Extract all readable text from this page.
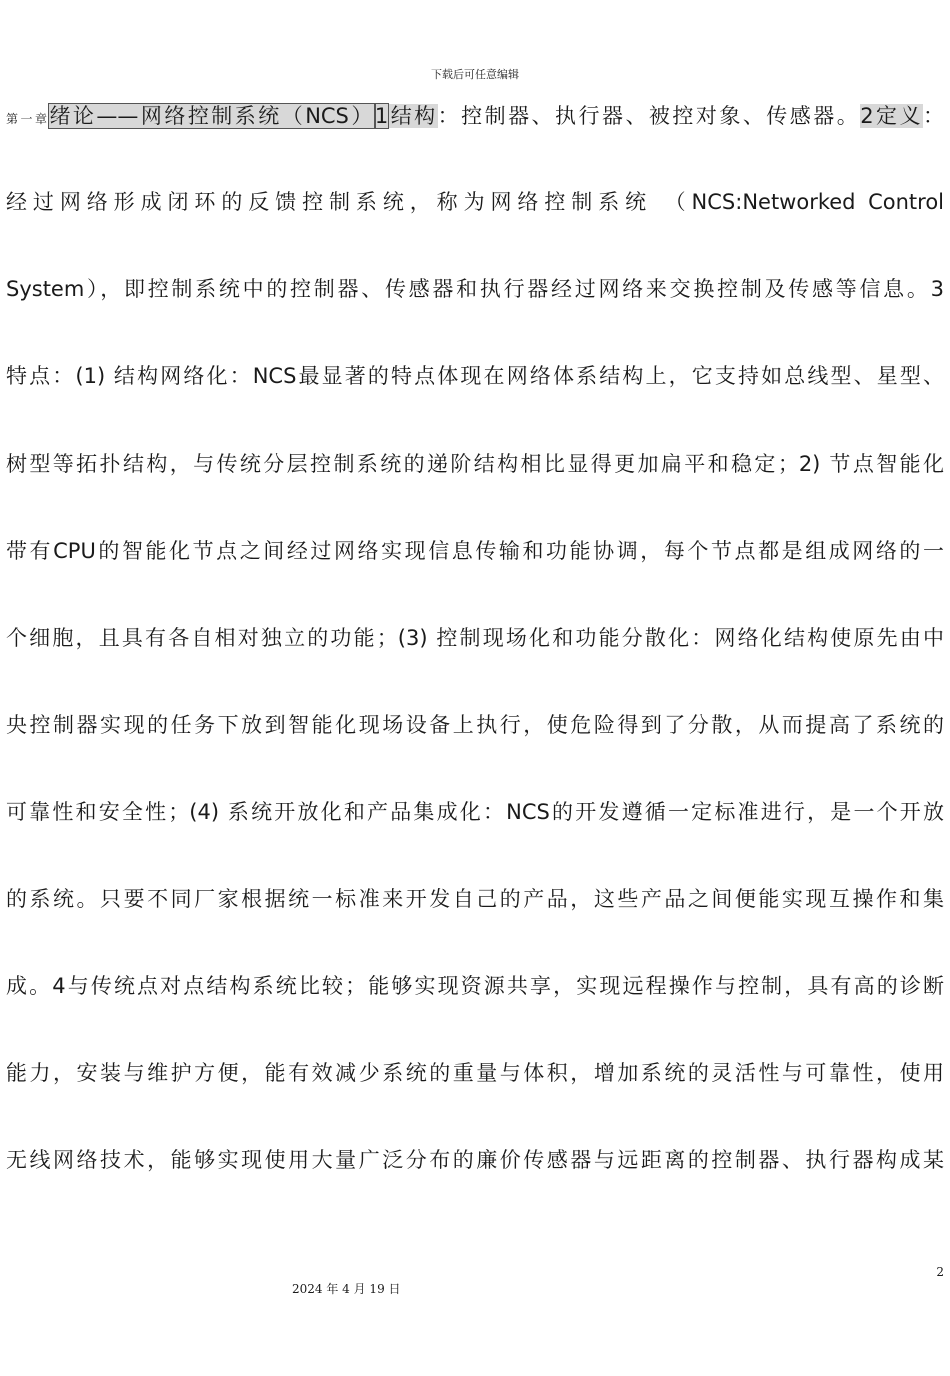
下载后可任意编辑
第一章绪论——网络控制系统（NCS）1结构：控制器、执行器、被控对象、传感器。2定义：
经过网络形成闭环的反馈控制系统，称为网络控制系统 （NCS:Networked Control
System），即控制系统中的控制器、传感器和执行器经过网络来交换控制及传感等信息。3
特点：(1) 结构网络化：NCS最显著的特点体现在网络体系结构上，它支持如总线型、星型、
树型等拓扑结构，与传统分层控制系统的递阶结构相比显得更加扁平和稳定；2) 节点智能化
带有CPU的智能化节点之间经过网络实现信息传输和功能协调，每个节点都是组成网络的一
个细胞，且具有各自相对独立的功能；(3) 控制现场化和功能分散化：网络化结构使原先由中
央控制器实现的任务下放到智能化现场设备上执行，使危险得到了分散，从而提高了系统的
可靠性和安全性；(4) 系统开放化和产品集成化：NCS的开发遵循一定标准进行，是一个开放
的系统。只要不同厂家根据统一标准来开发自己的产品，这些产品之间便能实现互操作和集
成。4与传统点对点结构系统比较；能够实现资源共享，实现远程操作与控制，具有高的诊断
能力，安装与维护方便，能有效减少系统的重量与体积，增加系统的灵活性与可靠性，使用
无线网络技术，能够实现使用大量广泛分布的廉价传感器与远距离的控制器、执行器构成某
2
2024 年 4 月 19 日
